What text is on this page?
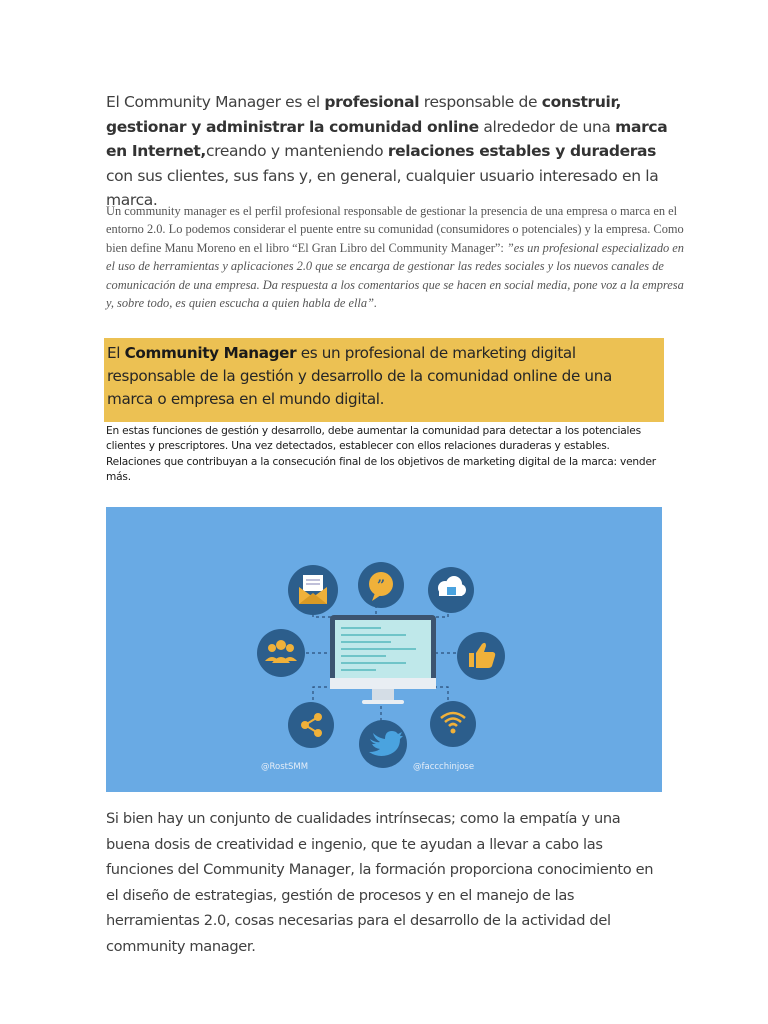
El Community Manager es el profesional responsable de construir, gestionar y administrar la comunidad online alrededor de una marca en Internet,creando y manteniendo relaciones estables y duraderas con sus clientes, sus fans y, en general, cualquier usuario interesado en la marca.

Un community manager es el perfil profesional responsable de gestionar la presencia de una empresa o marca en el entorno 2.0. Lo podemos considerar el puente entre su comunidad (consumidores o potenciales) y la empresa. Como bien define Manu Moreno en el libro “El Gran Libro del Community Manager”: ”es un profesional especializado en el uso de herramientas y aplicaciones 2.0 que se encarga de gestionar las redes sociales y los nuevos canales de comunicación de una empresa. Da respuesta a los comentarios que se hacen en social media, pone voz a la empresa y, sobre todo, es quien escucha a quien habla de ella”.

El Community Manager es un profesional de marketing digital responsable de la gestión y desarrollo de la comunidad online de una marca o empresa en el mundo digital.

En estas funciones de gestión y desarrollo, debe aumentar la comunidad para detectar a los potenciales clientes y prescriptores. Una vez detectados, establecer con ellos relaciones duraderas y estables. Relaciones que contribuyan a la consecución final de los objetivos de marketing digital de la marca: vender más.

”
@RostSMM	@faccchinjose

Si bien hay un conjunto de cualidades intrínsecas; como la empatía y una buena dosis de creatividad e ingenio, que te ayudan a llevar a cabo las funciones del Community Manager, la formación proporciona conocimiento en el diseño de estrategias, gestión de procesos y en el manejo de las herramientas 2.0, cosas necesarias para el desarrollo de la actividad del community manager.
